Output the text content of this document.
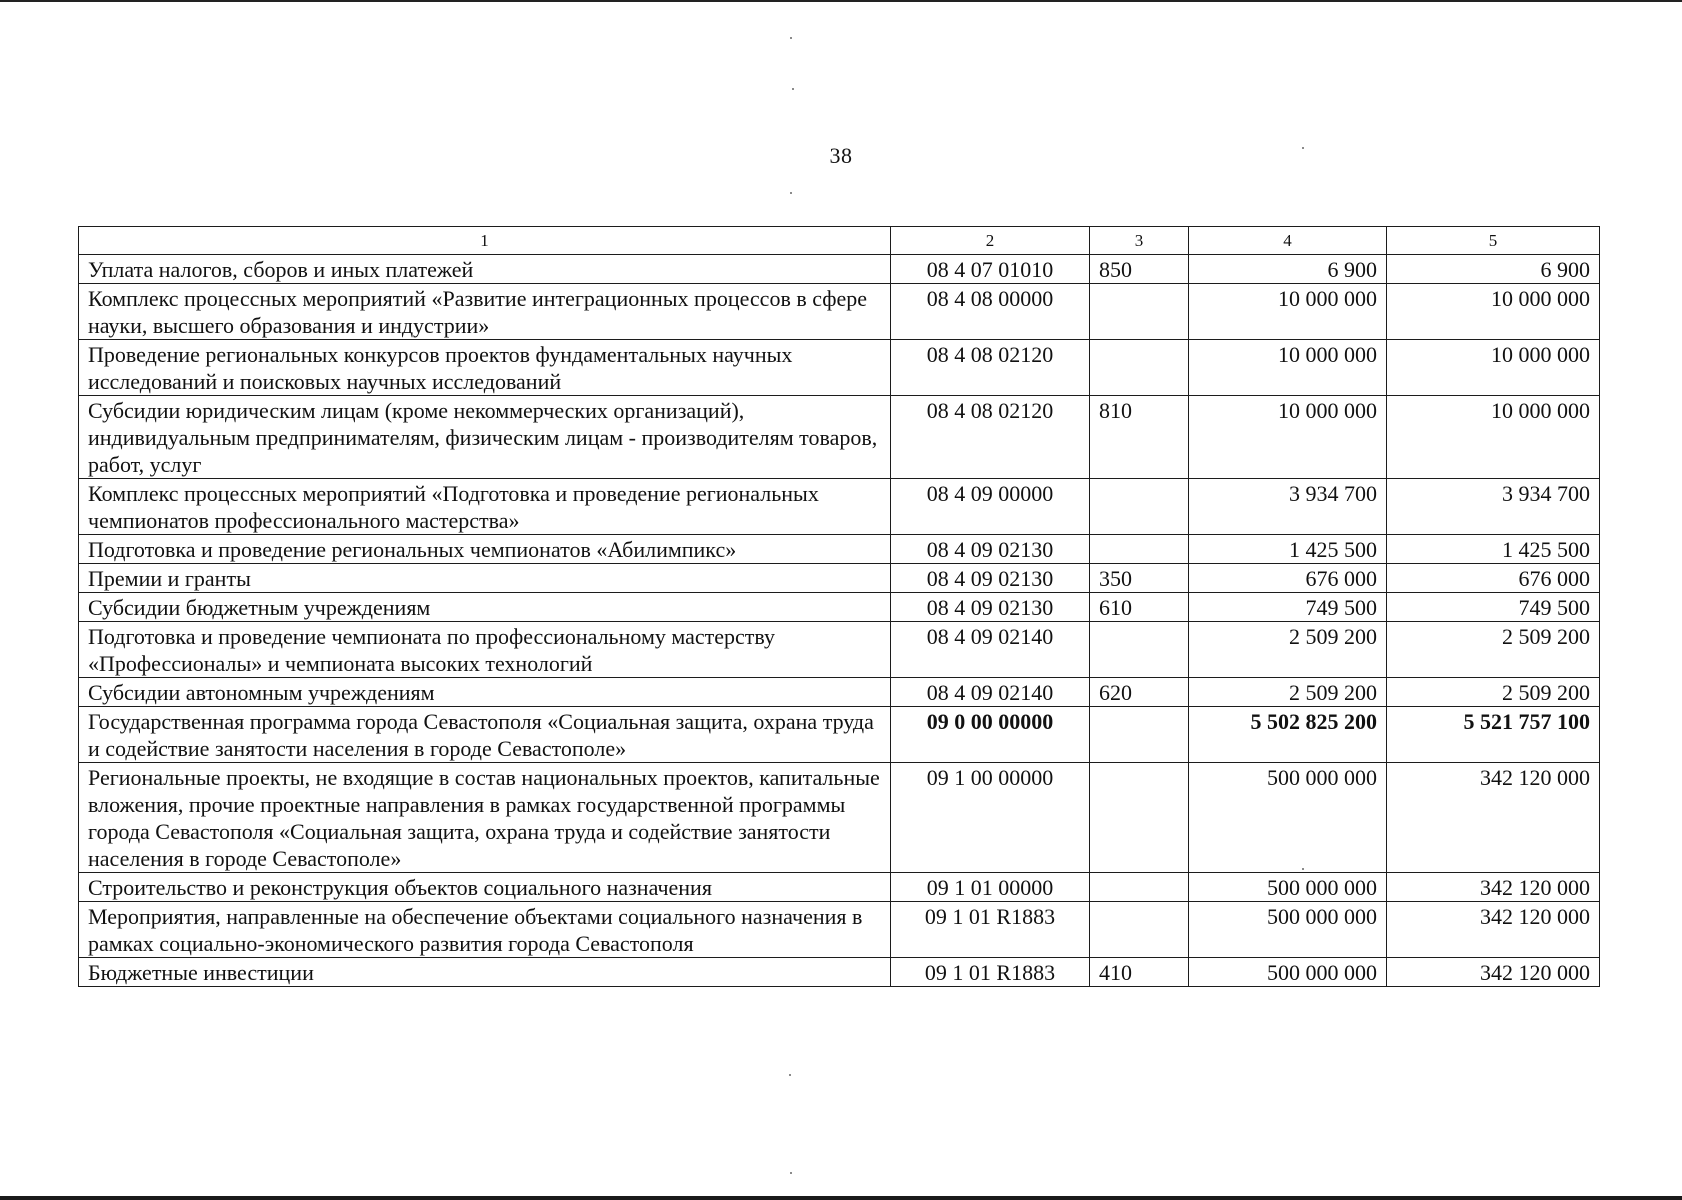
38
1	2	3	4	5
Уплата налогов, сборов и иных платежей	08 4 07 01010	850	6 900	6 900
Комплекс процессных мероприятий «Развитие интеграционных процессов в сфере науки, высшего образования и индустрии»	08 4 08 00000		10 000 000	10 000 000
Проведение региональных конкурсов проектов фундаментальных научных исследований и поисковых научных исследований	08 4 08 02120		10 000 000	10 000 000
Субсидии юридическим лицам (кроме некоммерческих организаций), индивидуальным предпринимателям, физическим лицам - производителям товаров, работ, услуг	08 4 08 02120	810	10 000 000	10 000 000
Комплекс процессных мероприятий «Подготовка и проведение региональных чемпионатов профессионального мастерства»	08 4 09 00000		3 934 700	3 934 700
Подготовка и проведение региональных чемпионатов «Абилимпикс»	08 4 09 02130		1 425 500	1 425 500
Премии и гранты	08 4 09 02130	350	676 000	676 000
Субсидии бюджетным учреждениям	08 4 09 02130	610	749 500	749 500
Подготовка и проведение чемпионата по профессиональному мастерству «Профессионалы» и чемпионата высоких технологий	08 4 09 02140		2 509 200	2 509 200
Субсидии автономным учреждениям	08 4 09 02140	620	2 509 200	2 509 200
Государственная программа города Севастополя «Социальная защита, охрана труда и содействие занятости населения в городе Севастополе»	09 0 00 00000		5 502 825 200	5 521 757 100
Региональные проекты, не входящие в состав национальных проектов, капитальные вложения, прочие проектные направления в рамках государственной программы города Севастополя «Социальная защита, охрана труда и содействие занятости населения в городе Севастополе»	09 1 00 00000		500 000 000	342 120 000
Строительство и реконструкция объектов социального назначения	09 1 01 00000		500 000 000	342 120 000
Мероприятия, направленные на обеспечение объектами социального назначения в рамках социально-экономического развития города Севастополя	09 1 01 R1883		500 000 000	342 120 000
Бюджетные инвестиции	09 1 01 R1883	410	500 000 000	342 120 000
